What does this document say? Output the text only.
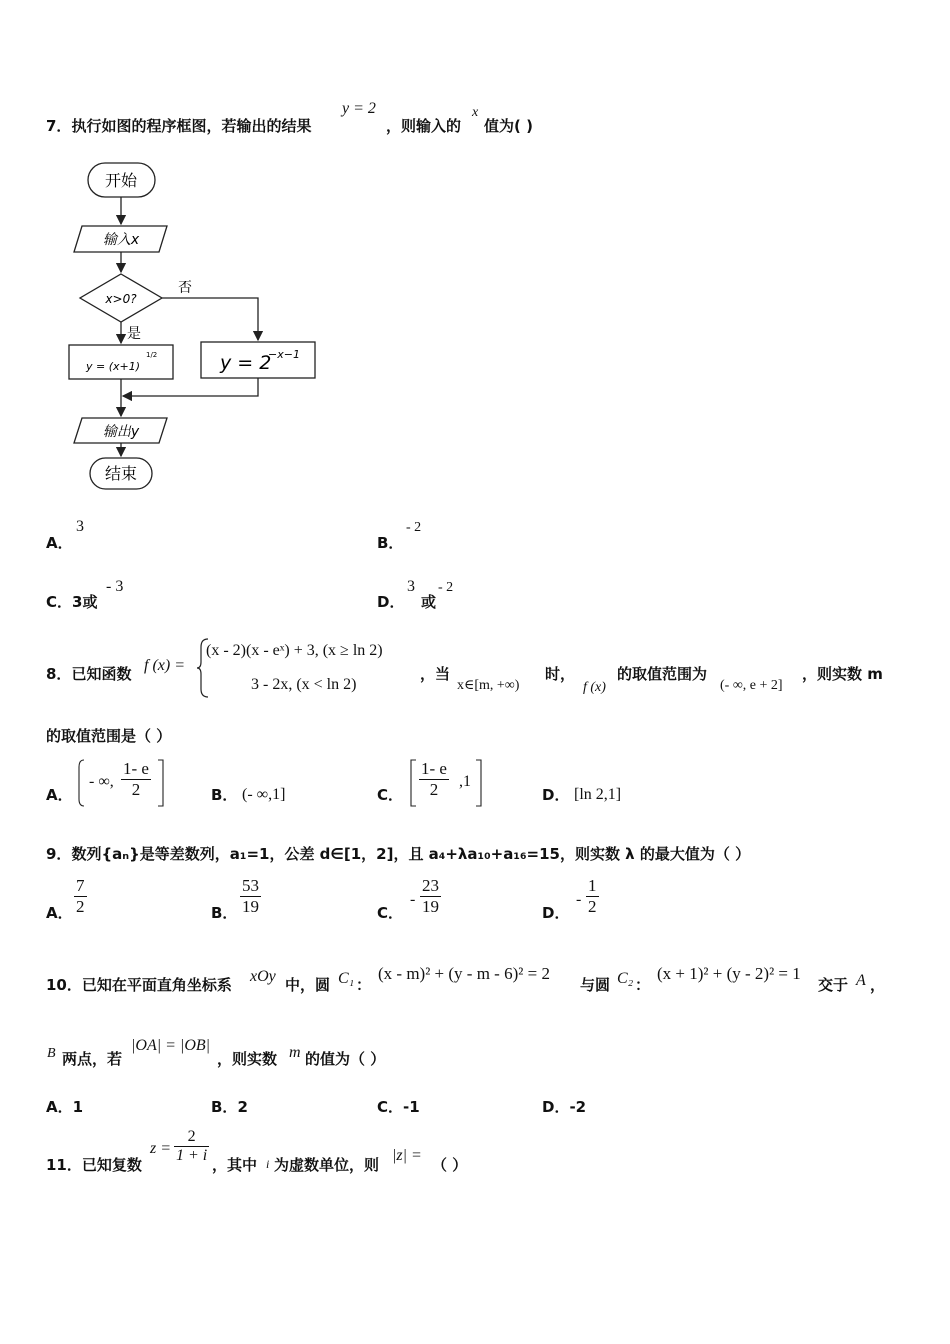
7．执行如图的程序框图，若输出的结果
y = 2
，则输入的
x
值为( )
开始
输入x
x>0?
否
是
y = (x+1)
1/2	y = 2
−x−1
输出y
结束
A．
3
B．
- 2
C．3或
- 3
D．
3
或
- 2
8．已知函数 f (x) =
(x - 2)(x - eˣ) + 3, (x ≥ ln 2)
3 - 2x, (x < ln 2)
，当
x∈[m, +∞)
时，
f (x)
的取值范围为
(- ∞, e + 2]
，则实数 m
的取值范围是（ ）
A．
- ∞, $\frac{1- e}{2}$	B． (- ∞,1]	C． $\frac{1- e}{2} ,1$
D． [ln 2,1]
9．数列{aₙ}是等差数列，a₁=1，公差 d∈[1，2]，且 a₄+λa₁₀+a₁₆=15，则实数 λ 的最大值为（ ）
A． $\frac{7}{2}$	B． $\frac{53}{19}$	C．
- $\frac{23}{19}$	D．
- $\frac{1}{2}$
10．已知在平面直角坐标系 xOy 中，圆 C₁ ：
(x - m)² + (y - m - 6)² = 2
与圆 C₂ ：
(x + 1)² + (y - 2)² = 1
交于 A ，
B 两点，若
|OA| = |OB|
，则实数 m 的值为（ ）
A．1	B．2	C．-1	D．-2
11．已知复数
$z = \frac{2}{1 + i}$ ，其中 i 为虚数单位，则
|z| =
（ ）
